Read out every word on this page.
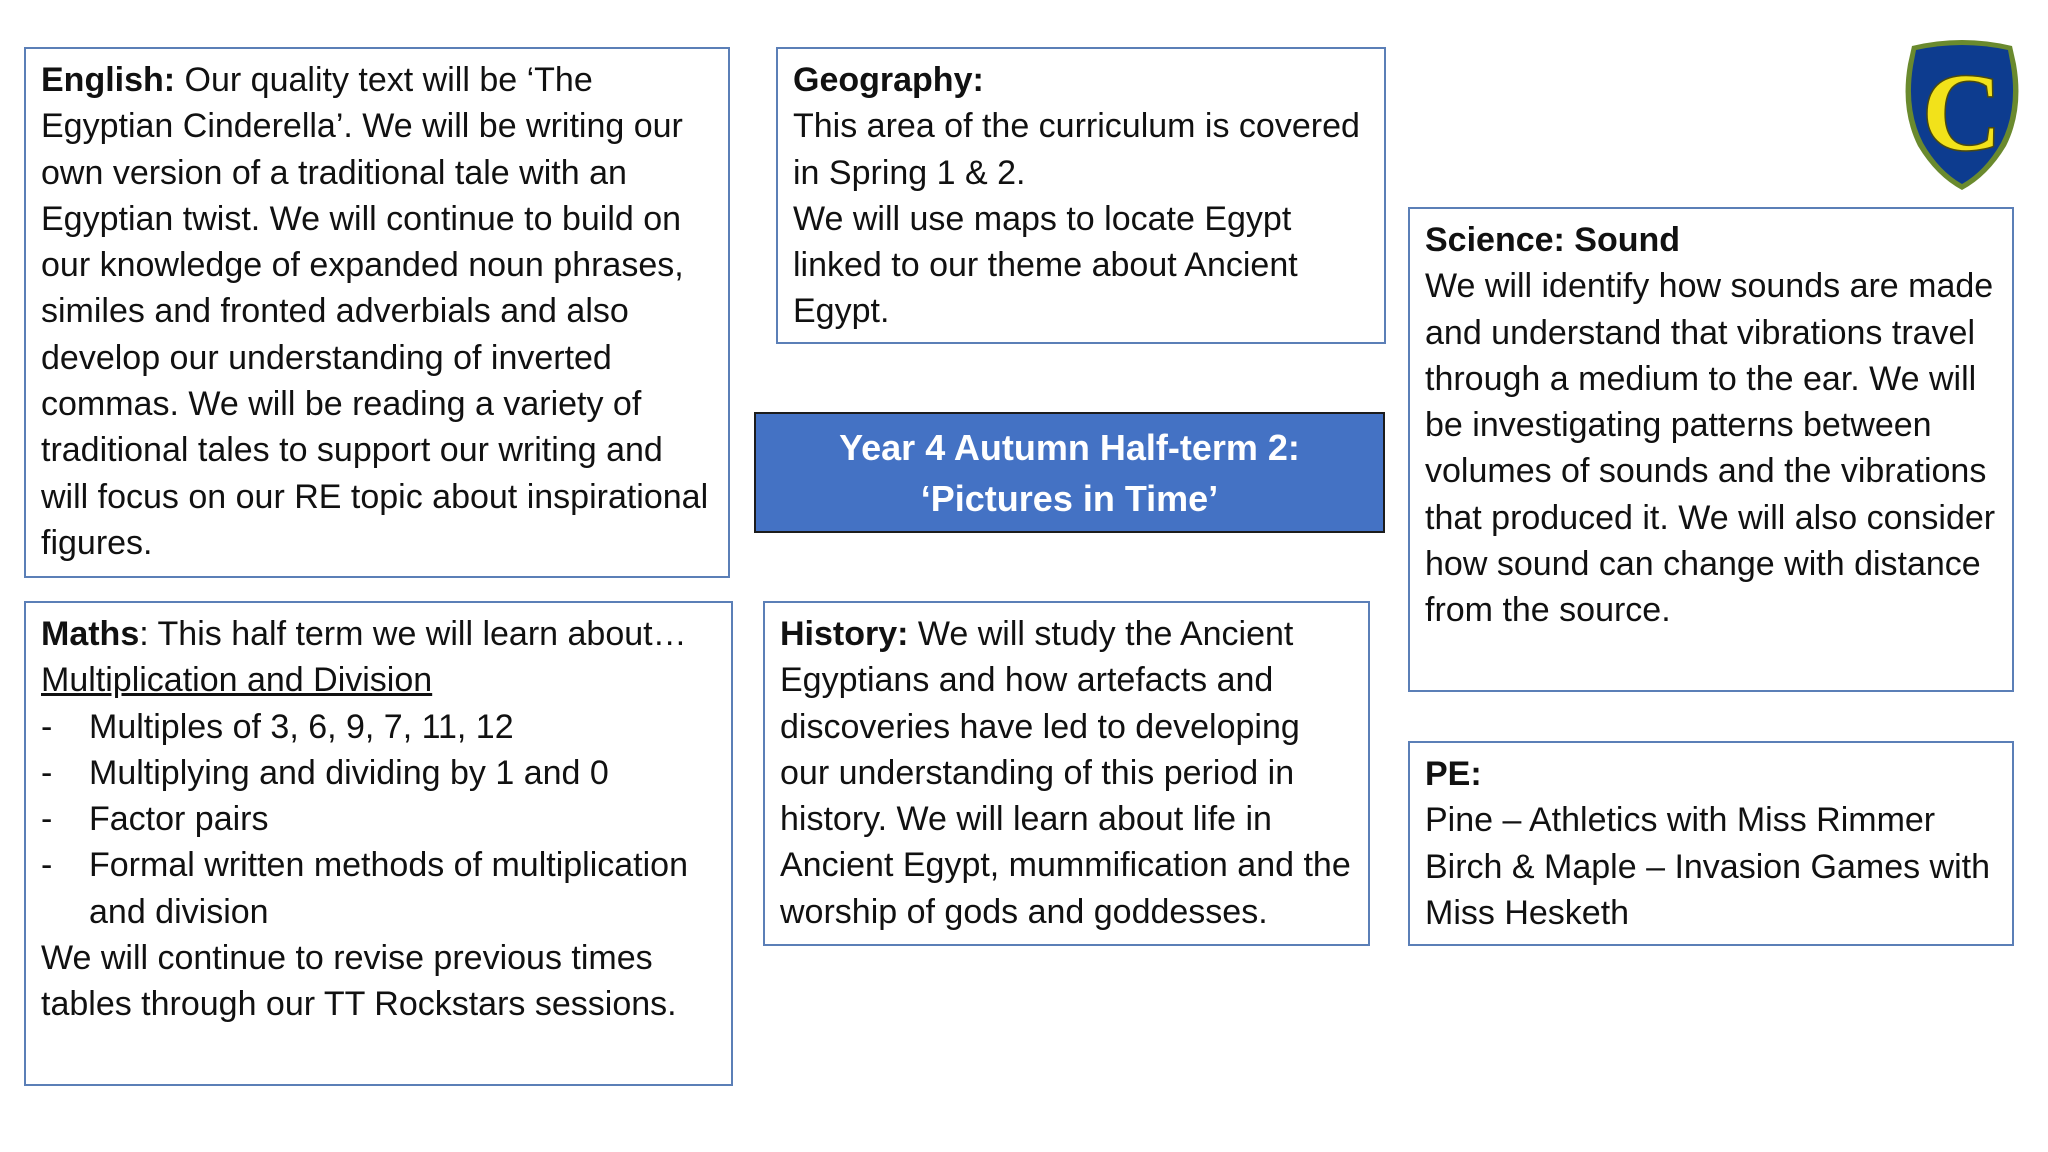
English: Our quality text will be ‘The Egyptian Cinderella’. We will be writing our own version of a traditional tale with an Egyptian twist. We will continue to build on our knowledge of expanded noun phrases, similes and fronted adverbials and also develop our understanding of inverted commas. We will be reading a variety of traditional tales to support our writing and will focus on our RE topic about inspirational figures.

Geography:

This area of the curriculum is covered in Spring 1 & 2.

We will use maps to locate Egypt linked to our theme about Ancient Egypt.

Year 4 Autumn Half-term 2:

‘Pictures in Time’

C

Science: Sound

We will identify how sounds are made and understand that vibrations travel through a medium to the ear. We will be investigating patterns between volumes of sounds and the vibrations that produced it. We will also consider how sound can change with distance from the source.

Maths: This half term we will learn about…

Multiplication and Division

- Multiples of 3, 6, 9, 7, 11, 12
- Multiplying and dividing by 1 and 0
- Factor pairs
- Formal written methods of multiplication and division

We will continue to revise previous times tables through our TT Rockstars sessions.

History: We will study the Ancient Egyptians and how artefacts and discoveries have led to developing our understanding of this period in history. We will learn about life in Ancient Egypt, mummification and the worship of gods and goddesses.

PE:

Pine – Athletics with Miss Rimmer

Birch & Maple – Invasion Games with Miss Hesketh
